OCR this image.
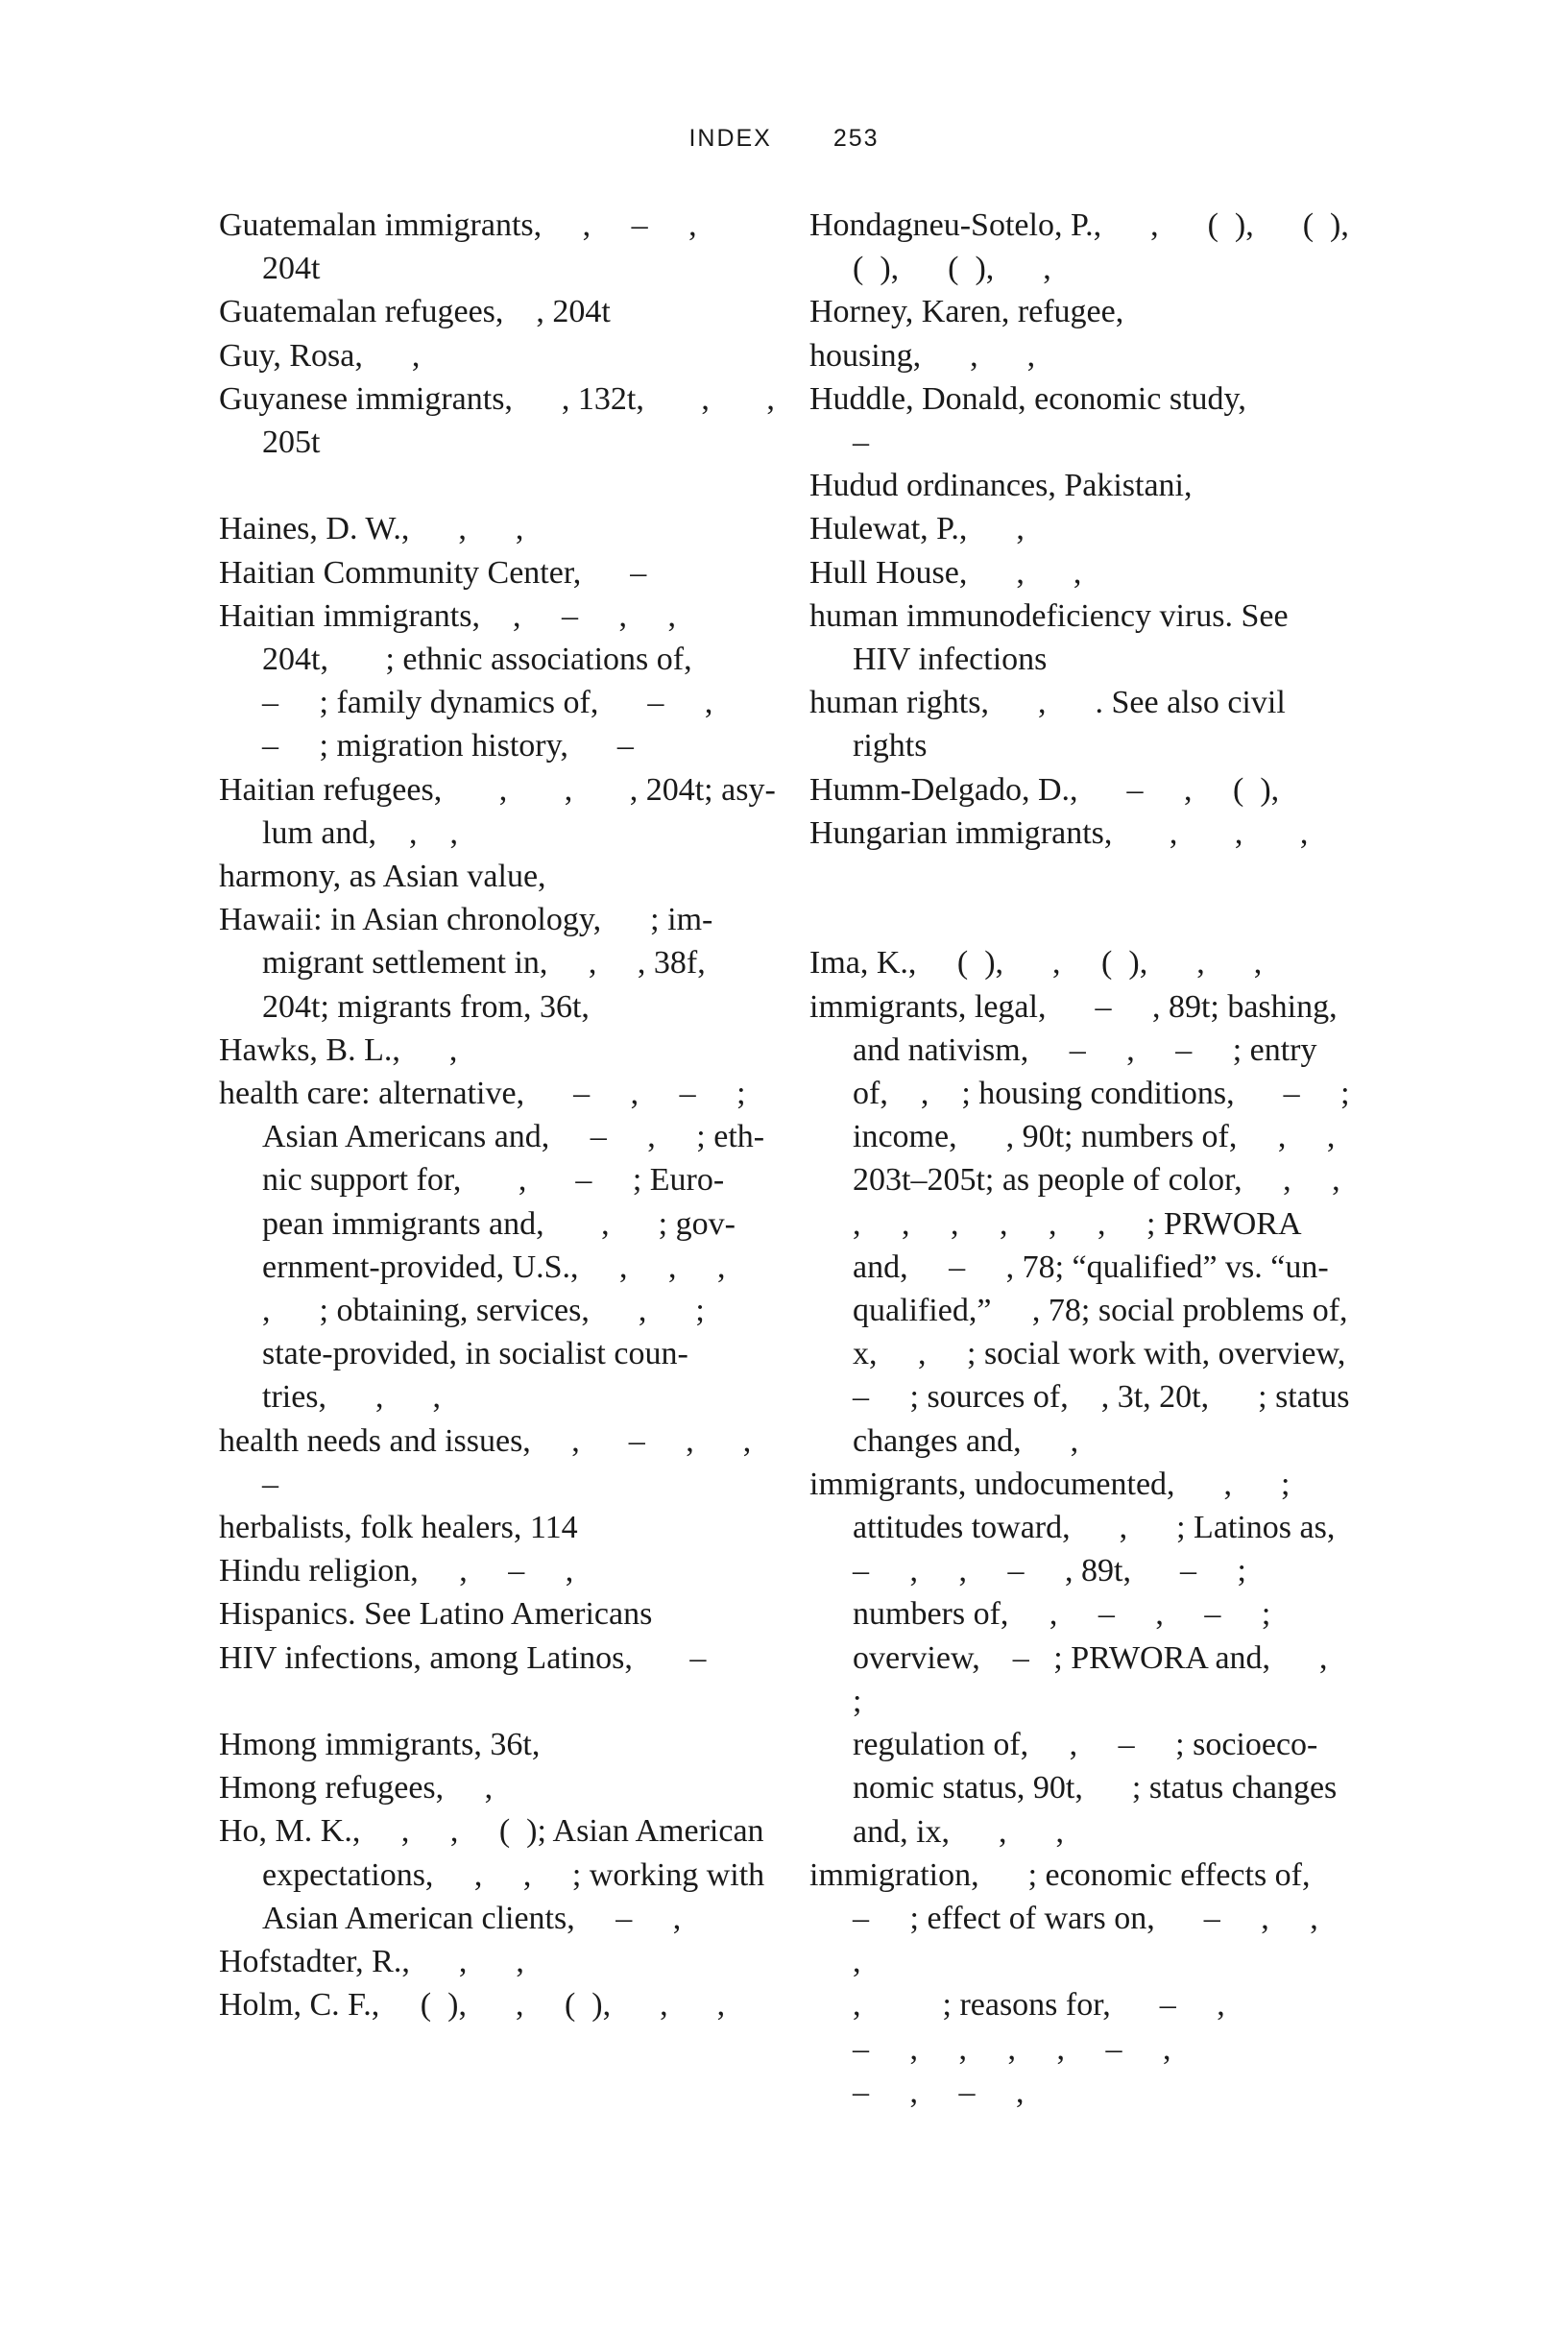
INDEX	253
Guatemalan immigrants,     ,     –     ,
204t
Guatemalan refugees,    , 204t
Guy, Rosa,      ,
Guyanese immigrants,      , 132t,       ,       ,
205t
Haines, D. W.,      ,      ,
Haitian Community Center,      –
Haitian immigrants,    ,     –     ,     ,
204t,       ; ethnic associations of,
–     ; family dynamics of,      –     ,
–     ; migration history,      –
Haitian refugees,       ,       ,       , 204t; asy-
lum and,    ,    ,
harmony, as Asian value,
Hawaii: in Asian chronology,      ; im-
migrant settlement in,     ,     , 38f,
204t; migrants from, 36t,
Hawks, B. L.,      ,
health care: alternative,      –     ,     –     ;
Asian Americans and,     –     ,     ; eth-
nic support for,       ,      –     ; Euro-
pean immigrants and,       ,      ; gov-
ernment-provided, U.S.,     ,     ,     ,
,      ; obtaining, services,      ,      ;
state-provided, in socialist coun-
tries,      ,      ,
health needs and issues,     ,      –     ,      ,
–
herbalists, folk healers, 114
Hindu religion,     ,     –     ,
Hispanics. See Latino Americans
HIV infections, among Latinos,       –
Hmong immigrants, 36t,
Hmong refugees,     ,
Ho, M. K.,     ,     ,     (  ); Asian American
expectations,     ,     ,     ; working with
Asian American clients,     –     ,
Hofstadter, R.,      ,      ,
Holm, C. F.,     (  ),      ,     (  ),      ,      ,
Hondagneu-Sotelo, P.,      ,      (  ),      (  ),
(  ),      (  ),      ,
Horney, Karen, refugee,
housing,      ,      ,
Huddle, Donald, economic study,
–
Hudud ordinances, Pakistani,
Hulewat, P.,      ,
Hull House,      ,      ,
human immunodeficiency virus. See
HIV infections
human rights,      ,      . See also civil
rights
Humm-Delgado, D.,      –     ,     (  ),
Hungarian immigrants,       ,       ,       ,
Ima, K.,     (  ),      ,     (  ),      ,      ,
immigrants, legal,      –     , 89t; bashing,
and nativism,     –     ,     –     ; entry
of,    ,    ; housing conditions,      –     ;
income,      , 90t; numbers of,     ,     ,
203t–205t; as people of color,     ,     ,
,     ,     ,     ,     ,     ,     ; PRWORA
and,     –     , 78; “qualified” vs. “un-
qualified,”     , 78; social problems of,
x,     ,     ; social work with, overview,
–     ; sources of,    , 3t, 20t,      ; status
changes and,      ,
immigrants, undocumented,      ,      ;
attitudes toward,      ,      ; Latinos as,
–     ,     ,     –     , 89t,      –     ;
numbers of,     ,     –     ,     –     ;
overview,    –   ; PRWORA and,      ,      ;
regulation of,     ,     –     ; socioeco-
nomic status, 90t,      ; status changes
and, ix,      ,      ,
immigration,      ; economic effects of,
–     ; effect of wars on,      –     ,     ,     ,
,          ; reasons for,      –     ,
–     ,     ,     ,     ,     –     ,
–     ,     –     ,
